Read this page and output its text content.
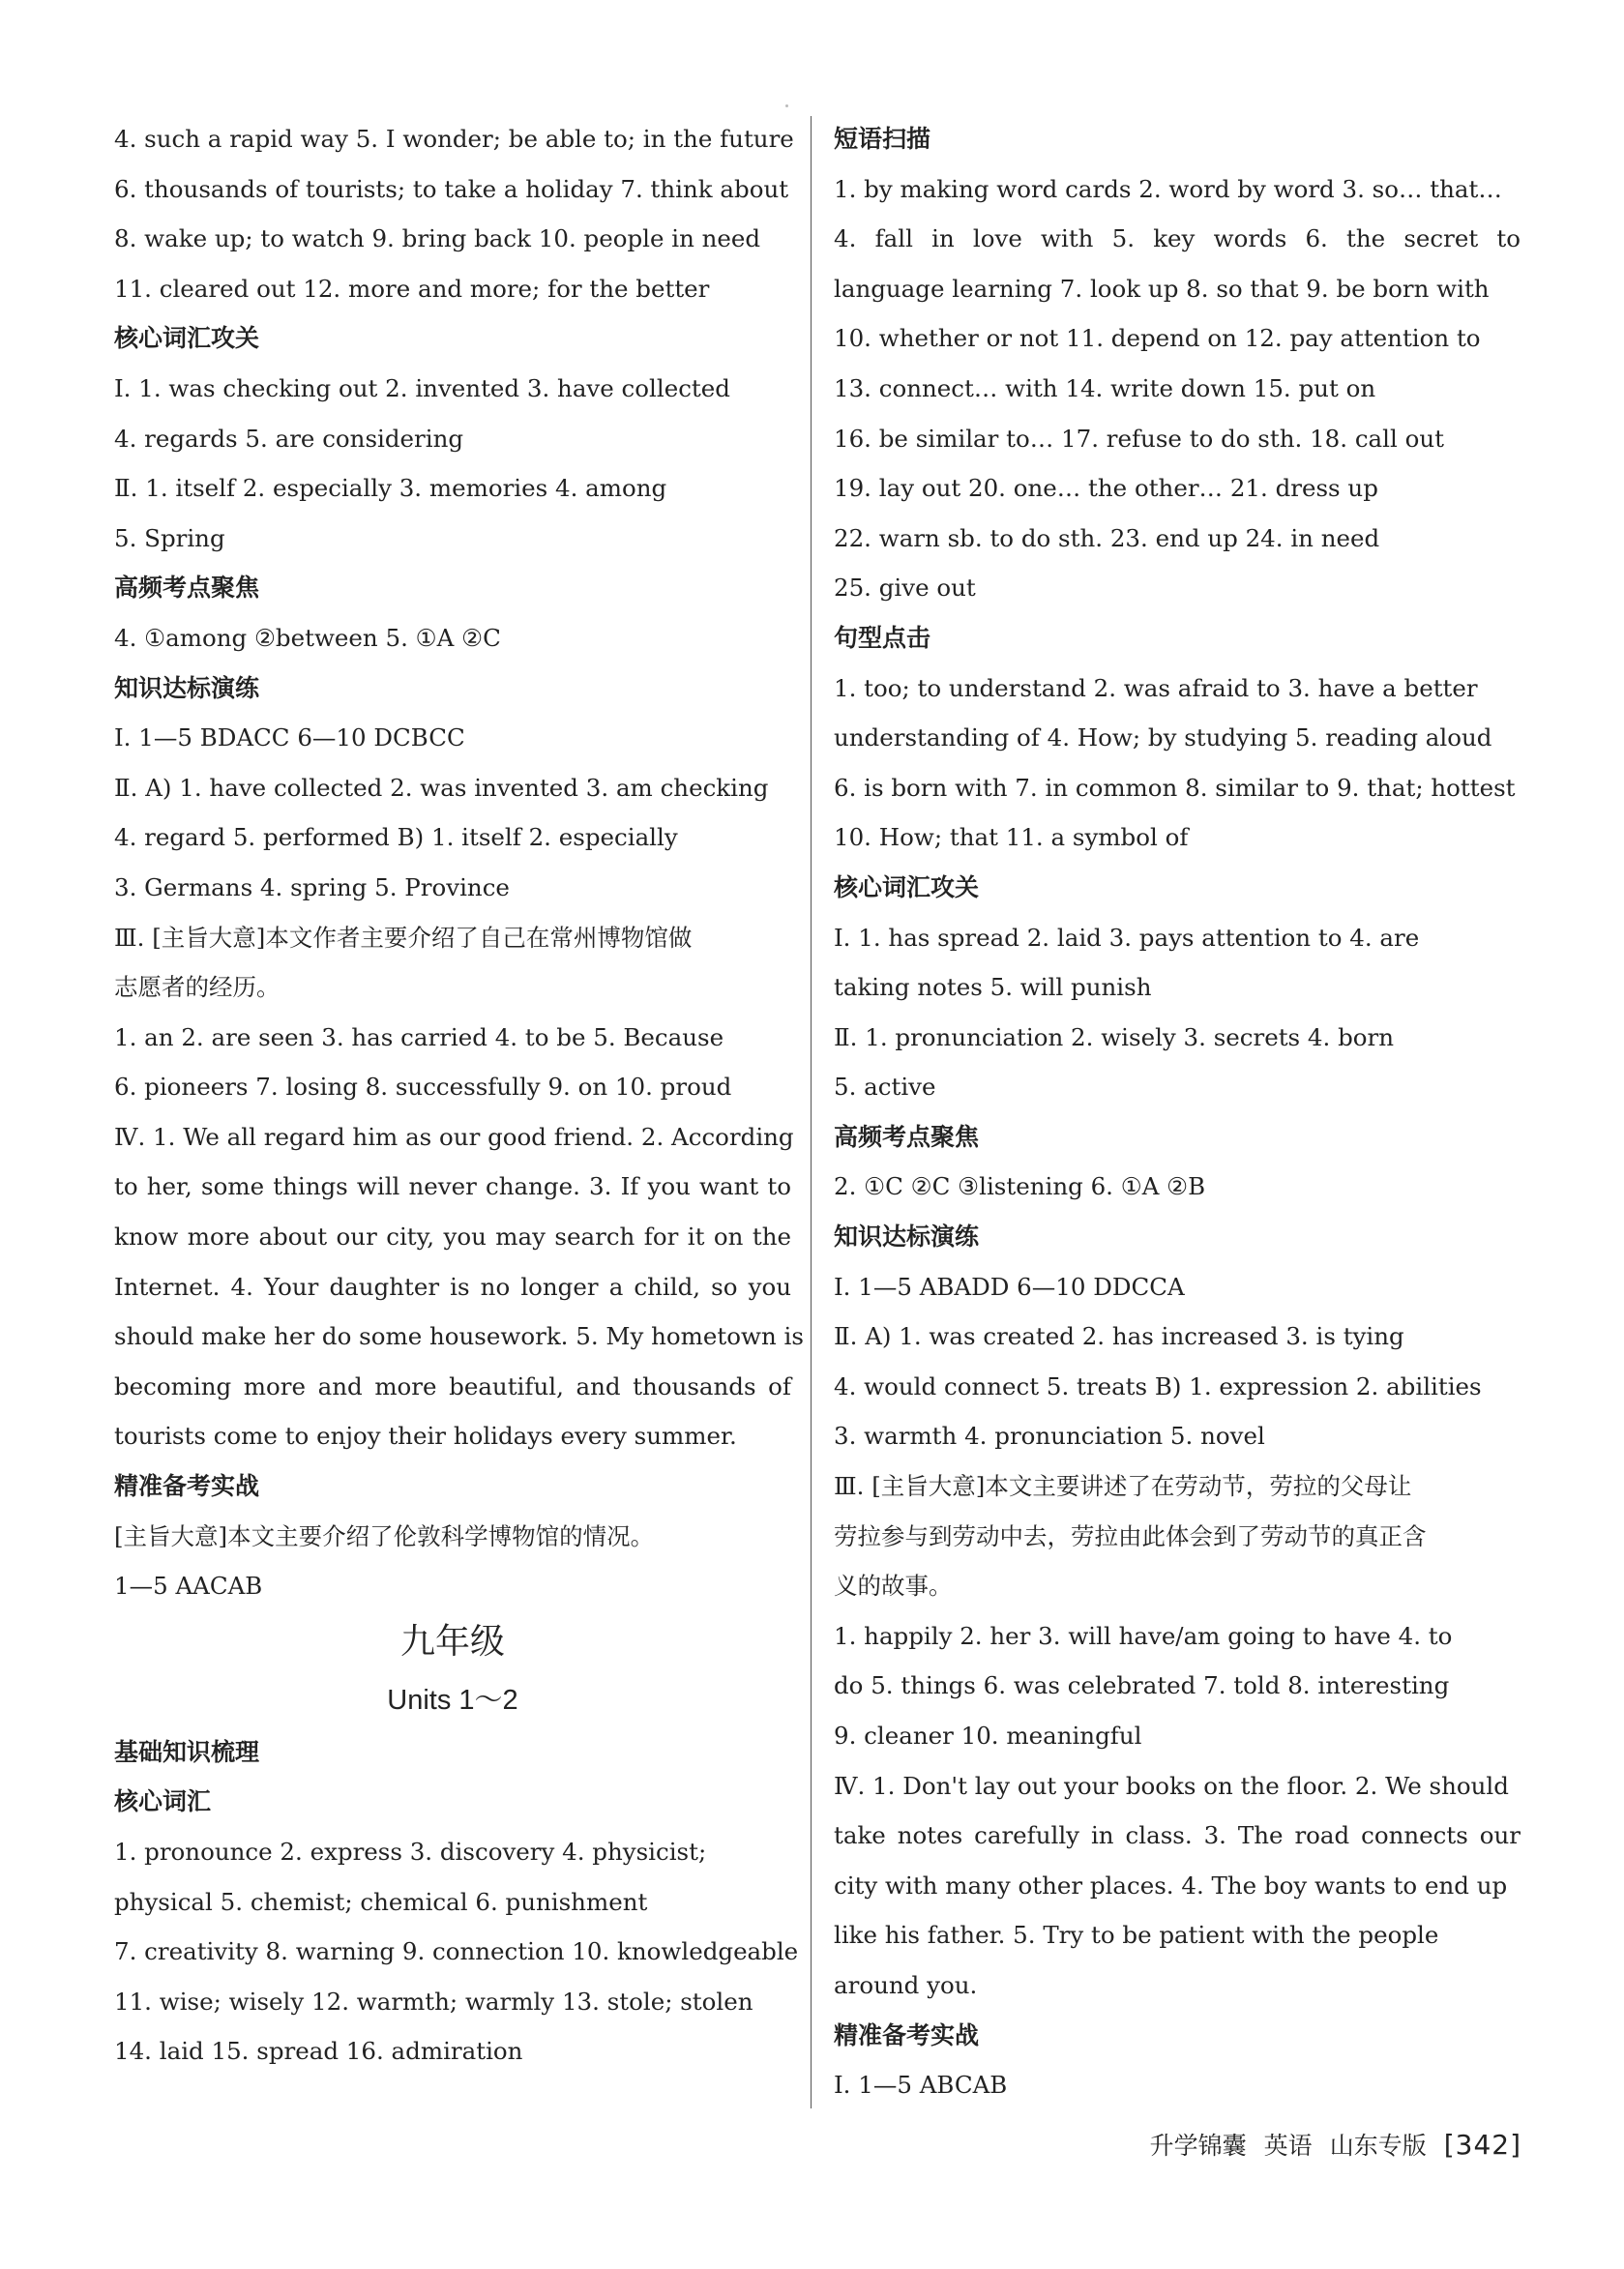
4. such a rapid way 5. I wonder; be able to; in the future
6. thousands of tourists; to take a holiday 7. think about
8. wake up; to watch 9. bring back 10. people in need
11. cleared out 12. more and more; for the better
核心词汇攻关
Ⅰ. 1. was checking out 2. invented 3. have collected
4. regards 5. are considering
Ⅱ. 1. itself 2. especially 3. memories 4. among
5. Spring
高频考点聚焦
4. ①among ②between 5. ①A ②C
知识达标演练
Ⅰ. 1—5 BDACC 6—10 DCBCC
Ⅱ. A) 1. have collected 2. was invented 3. am checking
4. regard 5. performed B) 1. itself 2. especially
3. Germans 4. spring 5. Province
Ⅲ. [主旨大意]本文作者主要介绍了自己在常州博物馆做
志愿者的经历。
1. an 2. are seen 3. has carried 4. to be 5. Because
6. pioneers 7. losing 8. successfully 9. on 10. proud
Ⅳ. 1. We all regard him as our good friend. 2. According
to her, some things will never change. 3. If you want to
know more about our city, you may search for it on the
Internet. 4. Your daughter is no longer a child, so you
should make her do some housework. 5. My hometown is
becoming more and more beautiful, and thousands of
tourists come to enjoy their holidays every summer.
精准备考实战
[主旨大意]本文主要介绍了伦敦科学博物馆的情况。
1—5 AACAB
九年级
Units 1～2
基础知识梳理
核心词汇
1. pronounce 2. express 3. discovery 4. physicist;
physical 5. chemist; chemical 6. punishment
7. creativity 8. warning 9. connection 10. knowledgeable
11. wise; wisely 12. warmth; warmly 13. stole; stolen
14. laid 15. spread 16. admiration
短语扫描
1. by making word cards 2. word by word 3. so… that…
4. fall in love with 5. key words 6. the secret to
language learning 7. look up 8. so that 9. be born with
10. whether or not 11. depend on 12. pay attention to
13. connect… with 14. write down 15. put on
16. be similar to… 17. refuse to do sth. 18. call out
19. lay out 20. one… the other… 21. dress up
22. warn sb. to do sth. 23. end up 24. in need
25. give out
句型点击
1. too; to understand 2. was afraid to 3. have a better
understanding of 4. How; by studying 5. reading aloud
6. is born with 7. in common 8. similar to 9. that; hottest
10. How; that 11. a symbol of
核心词汇攻关
Ⅰ. 1. has spread 2. laid 3. pays attention to 4. are
taking notes 5. will punish
Ⅱ. 1. pronunciation 2. wisely 3. secrets 4. born
5. active
高频考点聚焦
2. ①C ②C ③listening 6. ①A ②B
知识达标演练
Ⅰ. 1—5 ABADD 6—10 DDCCA
Ⅱ. A) 1. was created 2. has increased 3. is tying
4. would connect 5. treats B) 1. expression 2. abilities
3. warmth 4. pronunciation 5. novel
Ⅲ. [主旨大意]本文主要讲述了在劳动节，劳拉的父母让
劳拉参与到劳动中去，劳拉由此体会到了劳动节的真正含
义的故事。
1. happily 2. her 3. will have/am going to have 4. to
do 5. things 6. was celebrated 7. told 8. interesting
9. cleaner 10. meaningful
Ⅳ. 1. Don't lay out your books on the floor. 2. We should
take notes carefully in class. 3. The road connects our
city with many other places. 4. The boy wants to end up
like his father. 5. Try to be patient with the people
around you.
精准备考实战
Ⅰ. 1—5 ABCAB
升学锦囊 英语 山东专版 [342]
